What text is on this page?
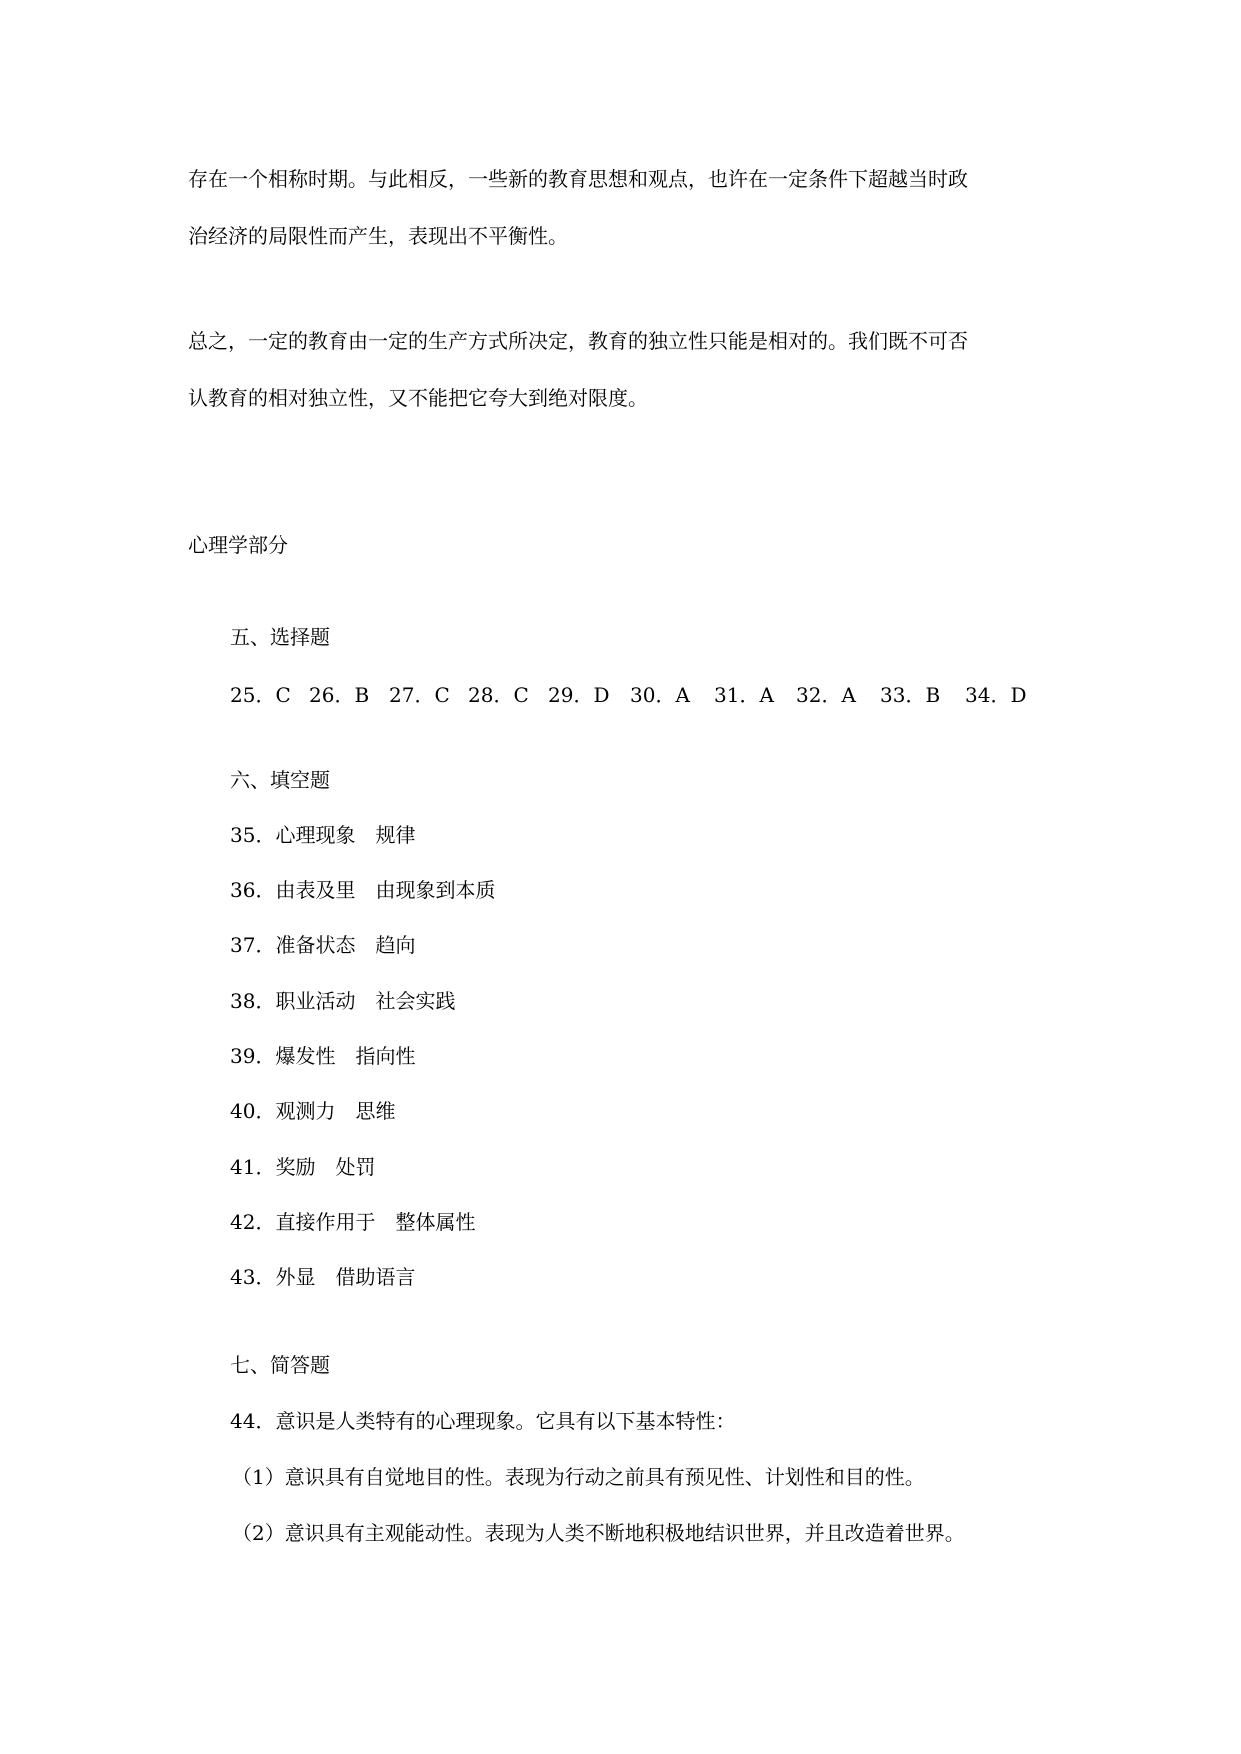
存在一个相称时期。与此相反，一些新的教育思想和观点，也许在一定条件下超越当时政
治经济的局限性而产生，表现出不平衡性。
总之，一定的教育由一定的生产方式所决定，教育的独立性只能是相对的。我们既不可否
认教育的相对独立性，又不能把它夸大到绝对限度。
心理学部分
五、选择题
25．C 26．B 27．C 28．C 29．D 30．A 31．A 32．A 33．B 34．D
六、填空题
35．心理现象　规律
36．由表及里　由现象到本质
37．准备状态　趋向
38．职业活动　社会实践
39．爆发性　指向性
40．观测力　思维
41．奖励　处罚
42．直接作用于　整体属性
43．外显　借助语言
七、简答题
44．意识是人类特有的心理现象。它具有以下基本特性：
（1）意识具有自觉地目的性。表现为行动之前具有预见性、计划性和目的性。
（2）意识具有主观能动性。表现为人类不断地积极地结识世界，并且改造着世界。
